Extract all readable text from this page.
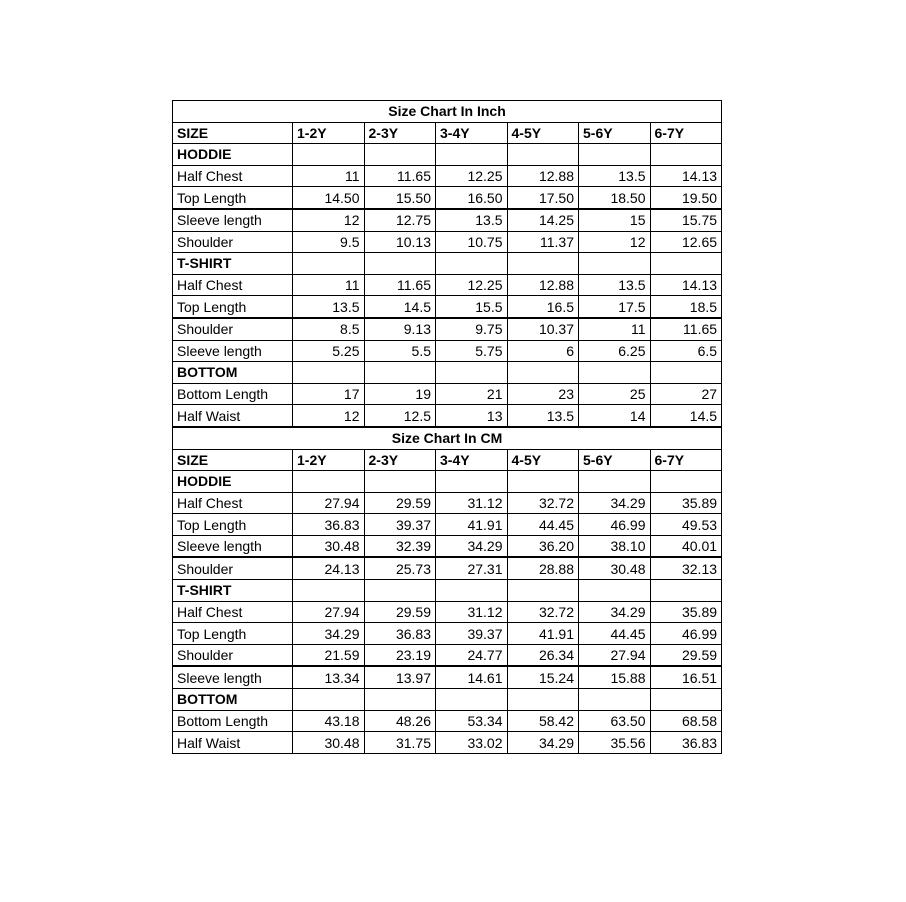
Size Chart In Inch						
SIZE	1-2Y	2-3Y	3-4Y	4-5Y	5-6Y	6-7Y
HODDIE						
Half Chest	11	11.65	12.25	12.88	13.5	14.13
Top Length	14.50	15.50	16.50	17.50	18.50	19.50
Sleeve length	12	12.75	13.5	14.25	15	15.75
Shoulder	9.5	10.13	10.75	11.37	12	12.65
T-SHIRT						
Half Chest	11	11.65	12.25	12.88	13.5	14.13
Top Length	13.5	14.5	15.5	16.5	17.5	18.5
Shoulder	8.5	9.13	9.75	10.37	11	11.65
Sleeve length	5.25	5.5	5.75	6	6.25	6.5
BOTTOM						
Bottom Length	17	19	21	23	25	27
Half Waist	12	12.5	13	13.5	14	14.5
Size Chart In CM						
SIZE	1-2Y	2-3Y	3-4Y	4-5Y	5-6Y	6-7Y
HODDIE						
Half Chest	27.94	29.59	31.12	32.72	34.29	35.89
Top Length	36.83	39.37	41.91	44.45	46.99	49.53
Sleeve length	30.48	32.39	34.29	36.20	38.10	40.01
Shoulder	24.13	25.73	27.31	28.88	30.48	32.13
T-SHIRT						
Half Chest	27.94	29.59	31.12	32.72	34.29	35.89
Top Length	34.29	36.83	39.37	41.91	44.45	46.99
Shoulder	21.59	23.19	24.77	26.34	27.94	29.59
Sleeve length	13.34	13.97	14.61	15.24	15.88	16.51
BOTTOM						
Bottom Length	43.18	48.26	53.34	58.42	63.50	68.58
Half Waist	30.48	31.75	33.02	34.29	35.56	36.83
